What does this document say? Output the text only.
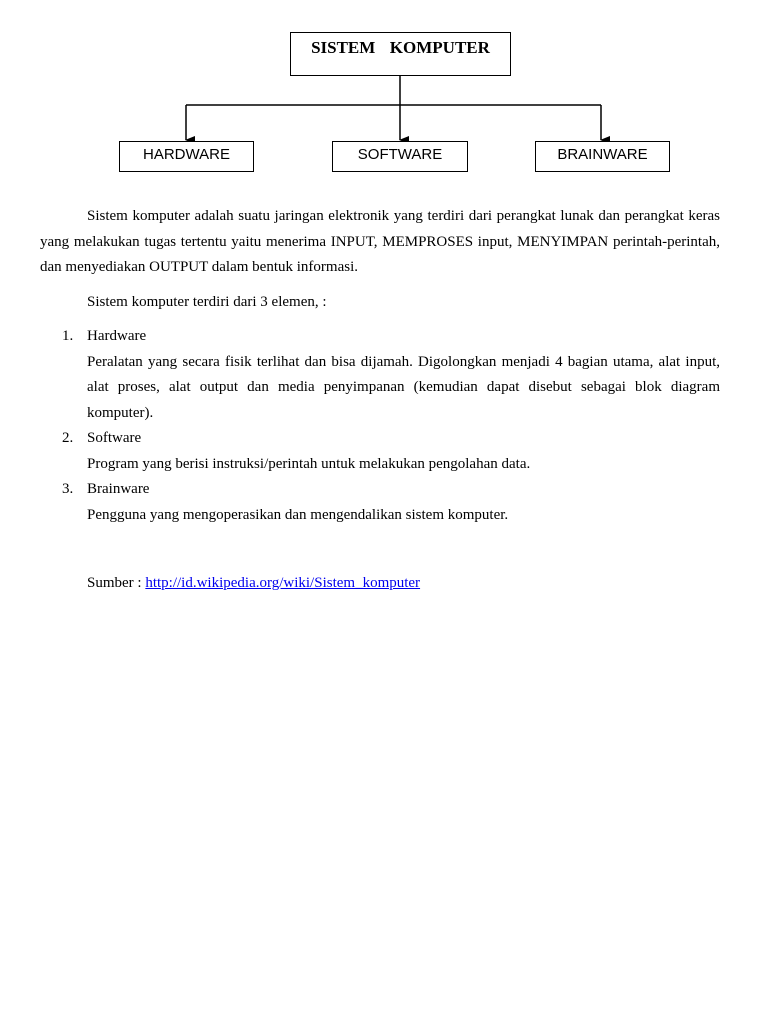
SISTEM  KOMPUTER
HARDWARE	SOFTWARE	BRAINWARE

Sistem komputer adalah suatu jaringan elektronik yang terdiri dari perangkat lunak dan perangkat keras yang melakukan tugas tertentu yaitu menerima INPUT, MEMPROSES input, MENYIMPAN perintah-perintah, dan menyediakan OUTPUT dalam bentuk informasi.

Sistem komputer terdiri dari 3 elemen, :

1. Hardware
Peralatan yang secara fisik terlihat dan bisa dijamah. Digolongkan menjadi 4 bagian utama, alat input, alat proses, alat output dan media penyimpanan (kemudian dapat disebut sebagai blok diagram komputer).
2. Software
Program yang berisi instruksi/perintah untuk melakukan pengolahan data.
3. Brainware
Pengguna yang mengoperasikan dan mengendalikan sistem komputer.
Sumber : http://id.wikipedia.org/wiki/Sistem_komputer
